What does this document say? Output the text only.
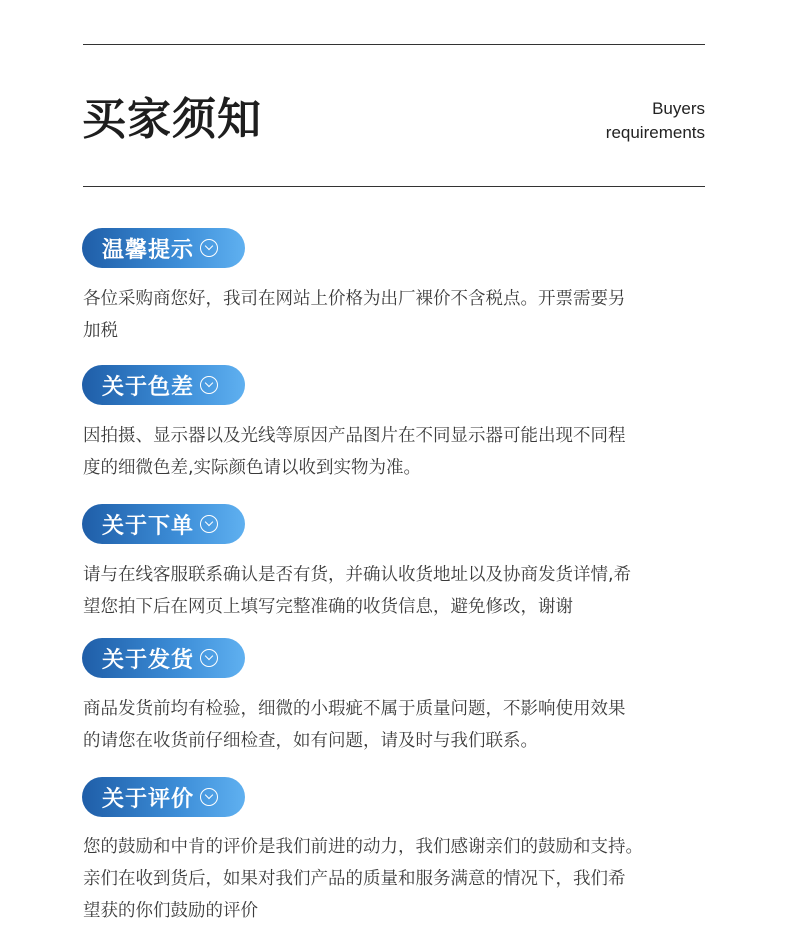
买家须知	Buyers
requirements
温馨提示
各位采购商您好，我司在网站上价格为出厂裸价不含税点。开票需要另
加税
关于色差
因拍摄、显示器以及光线等原因产品图片在不同显示器可能出现不同程
度的细微色差,实际颜色请以收到实物为准。
关于下单
请与在线客服联系确认是否有货，并确认收货地址以及协商发货详情,希
望您拍下后在网页上填写完整准确的收货信息，避免修改，谢谢
关于发货
商品发货前均有检验，细微的小瑕疵不属于质量问题，不影响使用效果
的请您在收货前仔细检查，如有问题，请及时与我们联系。
关于评价
您的鼓励和中肯的评价是我们前进的动力，我们感谢亲们的鼓励和支持。
亲们在收到货后，如果对我们产品的质量和服务满意的情况下，我们希
望获的你们鼓励的评价
